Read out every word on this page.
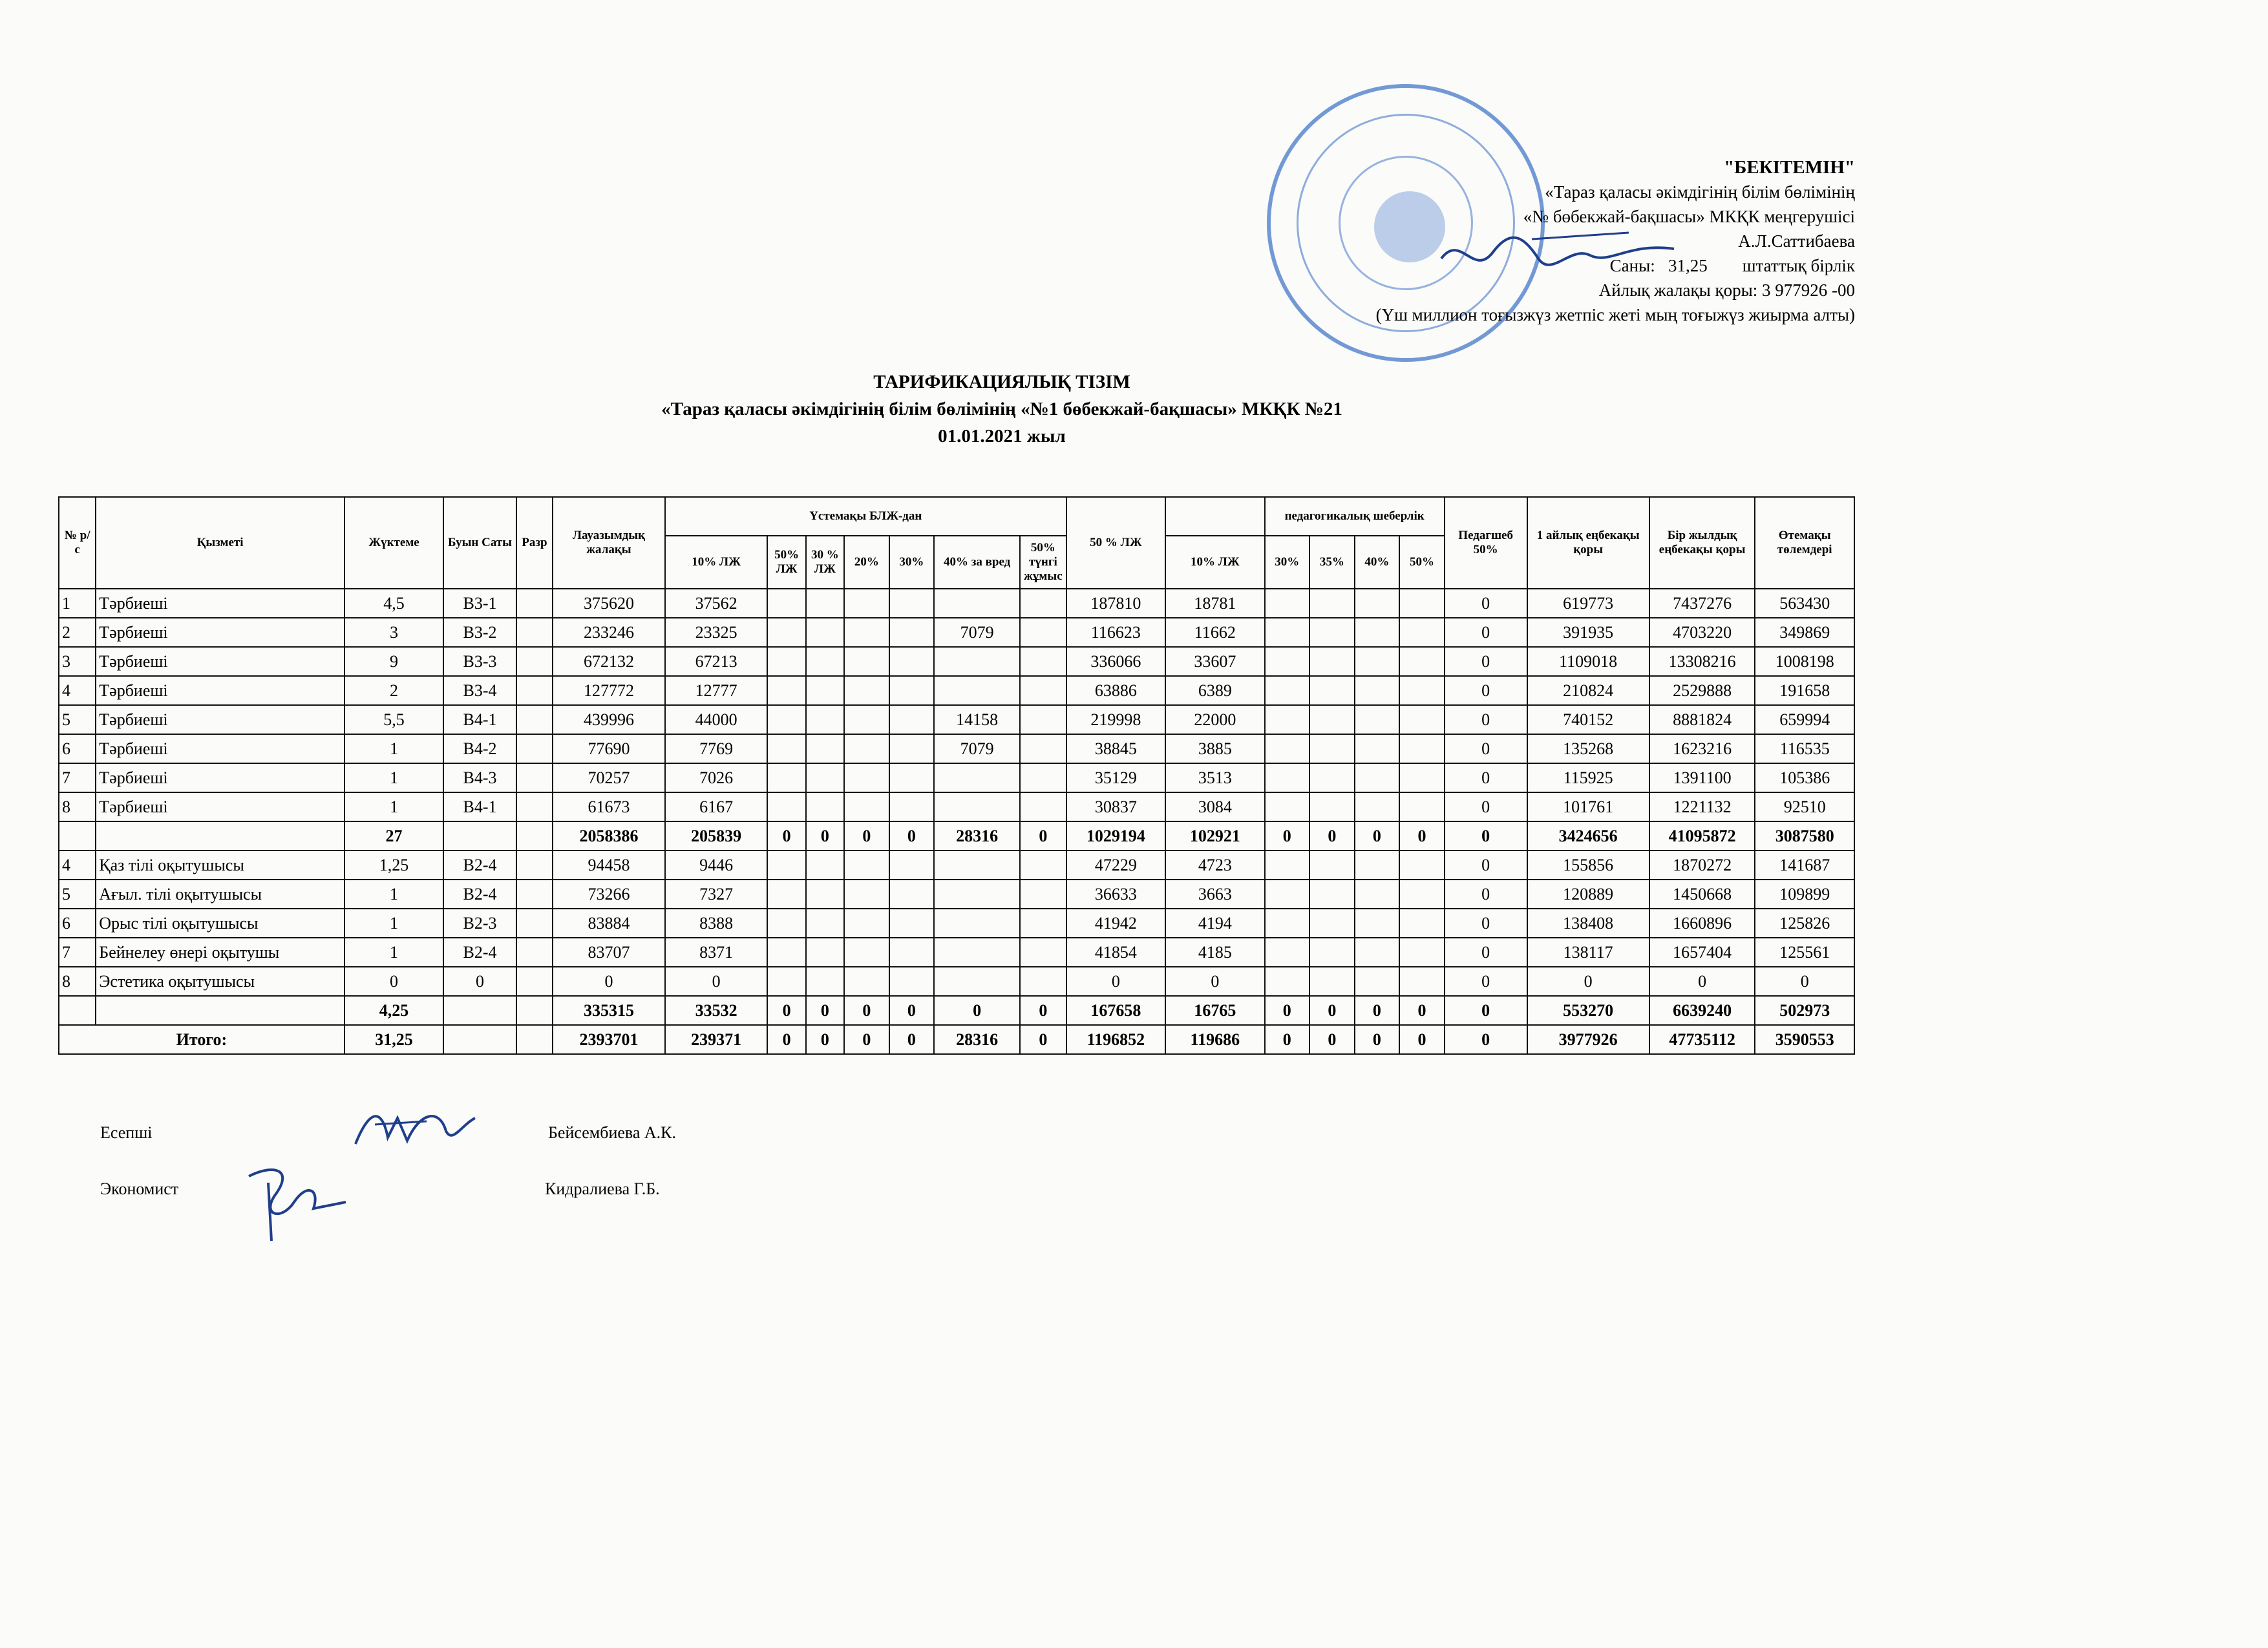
"БЕКІТЕМІН"
«Тараз қаласы әкімдігінің білім бөлімінің
«№ бөбекжай-бақшасы» МКҚК меңгерушісі
А.Л.Саттибаева
Саны:   31,25        штаттық бірлік
Айлық жалақы қоры: 3 977926 -00
(Үш миллион тоғызжүз жетпіс жеті мың тоғыжүз жиырма алты)
ТАРИФИКАЦИЯЛЫҚ ТІЗІМ
«Тараз қаласы әкімдігінің білім бөлімінің «№1 бөбекжай-бақшасы» МКҚК №21
01.01.2021 жыл
№ р/с	Қызметі	Жүктеме	Буын Саты	Разр	Лауазымдық жалақы	Үстемақы БЛЖ-дан							50 % ЛЖ		педагогикалық шеберлік				Педагшеб 50%	1 айлық еңбекақы қоры	Бір жылдық еңбекақы қоры	Өтемақы төлемдері
						10% ЛЖ	50% ЛЖ	30 % ЛЖ	20%	30%	40% за вред	50% түнгі жұмыс		10% ЛЖ	30%	35%	40%	50%				
1	Тәрбиеші	4,5	В3-1		375620	37562							187810	18781					0	619773	7437276	563430
2	Тәрбиеші	3	В3-2		233246	23325					7079		116623	11662					0	391935	4703220	349869
3	Тәрбиеші	9	В3-3		672132	67213							336066	33607					0	1109018	13308216	1008198
4	Тәрбиеші	2	В3-4		127772	12777							63886	6389					0	210824	2529888	191658
5	Тәрбиеші	5,5	В4-1		439996	44000					14158		219998	22000					0	740152	8881824	659994
6	Тәрбиеші	1	В4-2		77690	7769					7079		38845	3885					0	135268	1623216	116535
7	Тәрбиеші	1	В4-3		70257	7026							35129	3513					0	115925	1391100	105386
8	Тәрбиеші	1	В4-1		61673	6167							30837	3084					0	101761	1221132	92510
		27			2058386	205839	0	0	0	0	28316	0	1029194	102921	0	0	0	0	0	3424656	41095872	3087580
4	Қаз тілі оқытушысы	1,25	В2-4		94458	9446							47229	4723					0	155856	1870272	141687
5	Ағыл. тілі оқытушысы	1	В2-4		73266	7327							36633	3663					0	120889	1450668	109899
6	Орыс тілі оқытушысы	1	В2-3		83884	8388							41942	4194					0	138408	1660896	125826
7	Бейнелеу өнері оқытушы	1	В2-4		83707	8371							41854	4185					0	138117	1657404	125561
8	Эстетика оқытушысы	0	0		0	0							0	0					0	0	0	0
		4,25			335315	33532	0	0	0	0	0	0	167658	16765	0	0	0	0	0	553270	6639240	502973
Итого:		31,25			2393701	239371	0	0	0	0	28316	0	1196852	119686	0	0	0	0	0	3977926	47735112	3590553
Есепші	Бейсембиева А.К.
Экономист	Кидралиева Г.Б.
